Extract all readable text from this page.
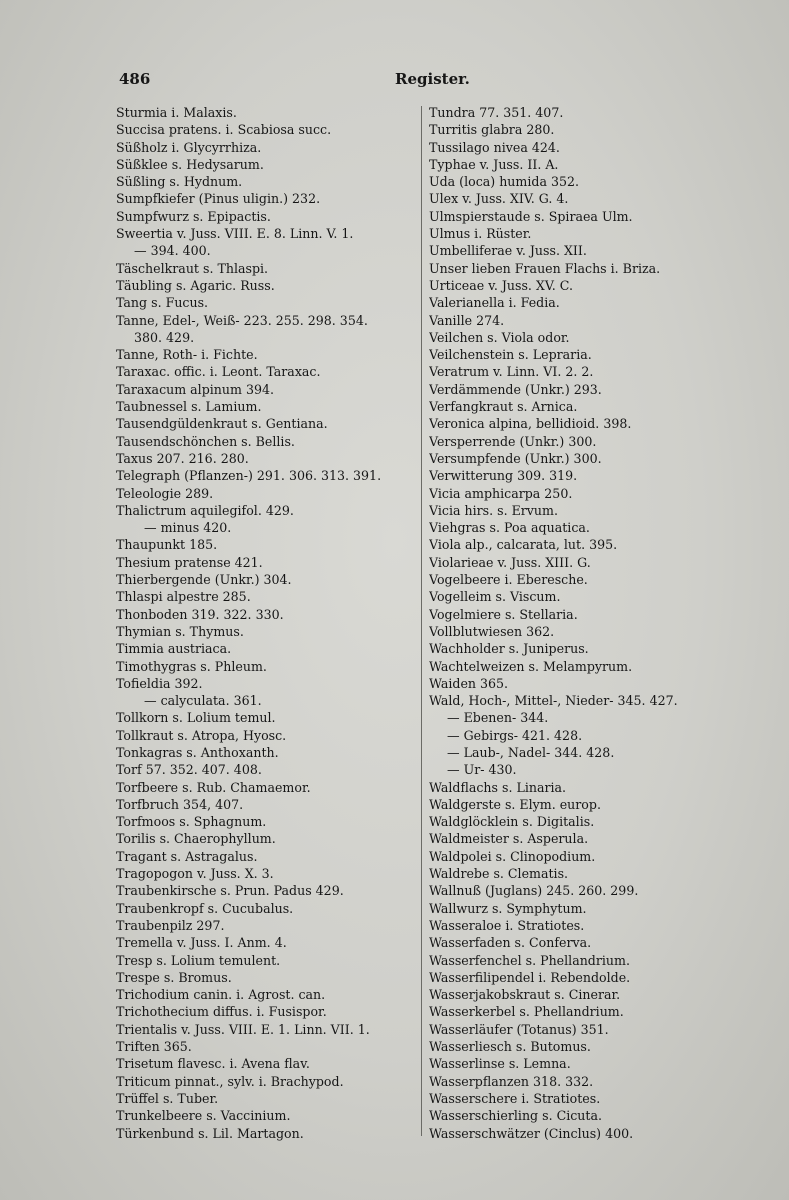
486	Register.
Sturmia i. Malaxis.
Succisa pratens. i. Scabiosa succ.
Süßholz i. Glycyrrhiza.
Süßklee s. Hedysarum.
Süßling s. Hydnum.
Sumpfkiefer (Pinus uligin.) 232.
Sumpfwurz s. Epipactis.
Sweertia v. Juss. VIII. E. 8. Linn. V. 1.
— 394. 400.
Täschelkraut s. Thlaspi.
Täubling s. Agaric. Russ.
Tang s. Fucus.
Tanne, Edel-, Weiß- 223. 255. 298. 354.
380. 429.
Tanne, Roth- i. Fichte.
Taraxac. offic. i. Leont. Taraxac.
Taraxacum alpinum 394.
Taubnessel s. Lamium.
Tausendgüldenkraut s. Gentiana.
Tausendschönchen s. Bellis.
Taxus 207. 216. 280.
Telegraph (Pflanzen-) 291. 306. 313. 391.
Teleologie 289.
Thalictrum aquilegifol. 429.
— minus 420.
Thaupunkt 185.
Thesium pratense 421.
Thierbergende (Unkr.) 304.
Thlaspi alpestre 285.
Thonboden 319. 322. 330.
Thymian s. Thymus.
Timmia austriaca.
Timothygras s. Phleum.
Tofieldia 392.
— calyculata. 361.
Tollkorn s. Lolium temul.
Tollkraut s. Atropa, Hyosc.
Tonkagras s. Anthoxanth.
Torf 57. 352. 407. 408.
Torfbeere s. Rub. Chamaemor.
Torfbruch 354, 407.
Torfmoos s. Sphagnum.
Torilis s. Chaerophyllum.
Tragant s. Astragalus.
Tragopogon v. Juss. X. 3.
Traubenkirsche s. Prun. Padus 429.
Traubenkropf s. Cucubalus.
Traubenpilz 297.
Tremella v. Juss. I. Anm. 4.
Tresp s. Lolium temulent.
Trespe s. Bromus.
Trichodium canin. i. Agrost. can.
Trichothecium diffus. i. Fusispor.
Trientalis v. Juss. VIII. E. 1. Linn. VII. 1.
Triften 365.
Trisetum flavesc. i. Avena flav.
Triticum pinnat., sylv. i. Brachypod.
Trüffel s. Tuber.
Trunkelbeere s. Vaccinium.
Türkenbund s. Lil. Martagon.
Tundra 77. 351. 407.
Turritis glabra 280.
Tussilago nivea 424.
Typhae v. Juss. II. A.
Uda (loca) humida 352.
Ulex v. Juss. XIV. G. 4.
Ulmspierstaude s. Spiraea Ulm.
Ulmus i. Rüster.
Umbelliferae v. Juss. XII.
Unser lieben Frauen Flachs i. Briza.
Urticeae v. Juss. XV. C.
Valerianella i. Fedia.
Vanille 274.
Veilchen s. Viola odor.
Veilchenstein s. Lepraria.
Veratrum v. Linn. VI. 2. 2.
Verdämmende (Unkr.) 293.
Verfangkraut s. Arnica.
Veronica alpina, bellidioid. 398.
Versperrende (Unkr.) 300.
Versumpfende (Unkr.) 300.
Verwitterung 309. 319.
Vicia amphicarpa 250.
Vicia hirs. s. Ervum.
Viehgras s. Poa aquatica.
Viola alp., calcarata, lut. 395.
Violarieae v. Juss. XIII. G.
Vogelbeere i. Eberesche.
Vogelleim s. Viscum.
Vogelmiere s. Stellaria.
Vollblutwiesen 362.
Wachholder s. Juniperus.
Wachtelweizen s. Melampyrum.
Waiden 365.
Wald, Hoch-, Mittel-, Nieder- 345. 427.
— Ebenen- 344.
— Gebirgs- 421. 428.
— Laub-, Nadel- 344. 428.
— Ur- 430.
Waldflachs s. Linaria.
Waldgerste s. Elym. europ.
Waldglöcklein s. Digitalis.
Waldmeister s. Asperula.
Waldpolei s. Clinopodium.
Waldrebe s. Clematis.
Wallnuß (Juglans) 245. 260. 299.
Wallwurz s. Symphytum.
Wasseraloe i. Stratiotes.
Wasserfaden s. Conferva.
Wasserfenchel s. Phellandrium.
Wasserfilipendel i. Rebendolde.
Wasserjakobskraut s. Cinerar.
Wasserkerbel s. Phellandrium.
Wasserläufer (Totanus) 351.
Wasserliesch s. Butomus.
Wasserlinse s. Lemna.
Wasserpflanzen 318. 332.
Wasserschere i. Stratiotes.
Wasserschierling s. Cicuta.
Wasserschwätzer (Cinclus) 400.
